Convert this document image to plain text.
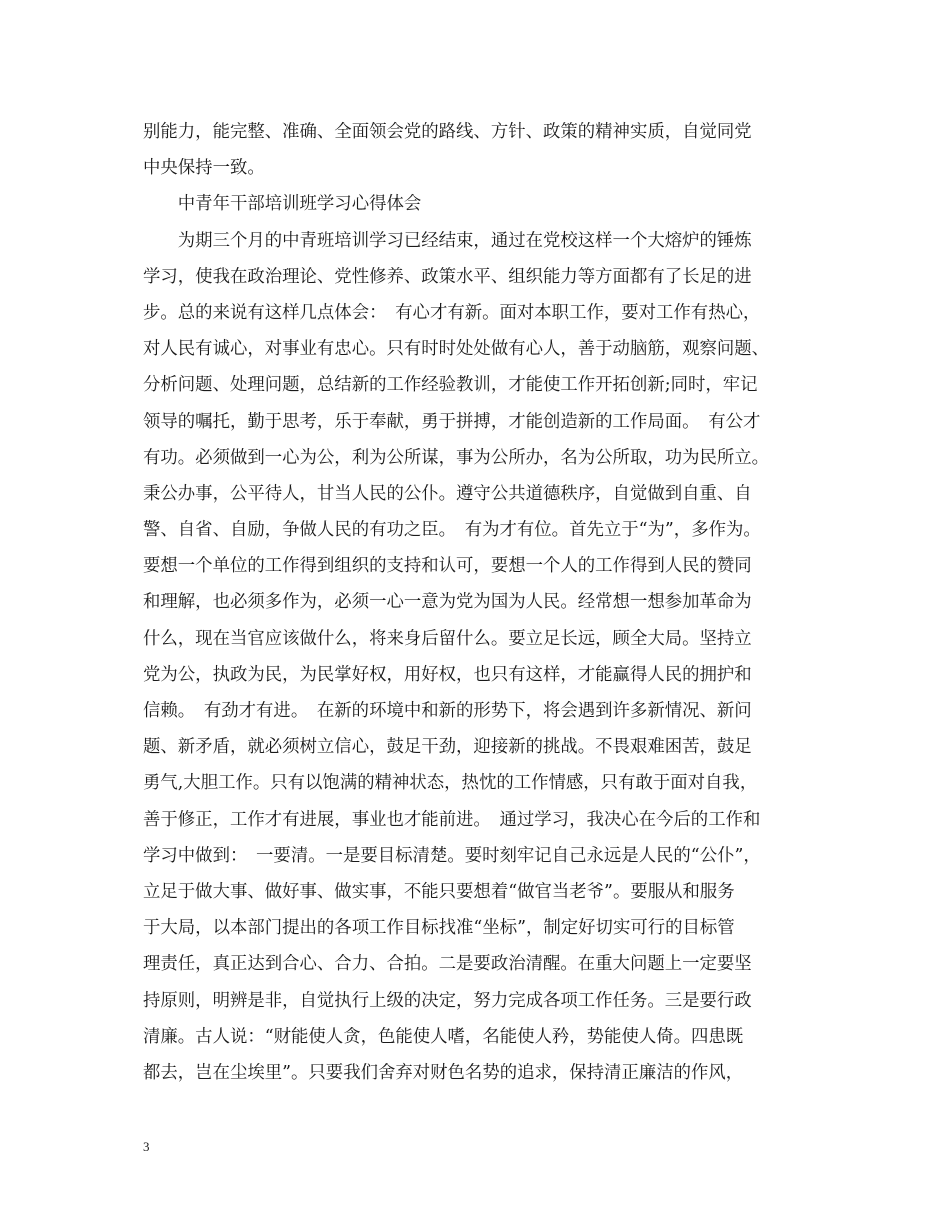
别能力，能完整、准确、全面领会党的路线、方针、政策的精神实质，自觉同党
中央保持一致。
　　中青年干部培训班学习心得体会
　　为期三个月的中青班培训学习已经结束，通过在党校这样一个大熔炉的锤炼
学习，使我在政治理论、党性修养、政策水平、组织能力等方面都有了长足的进
步。总的来说有这样几点体会：　有心才有新。面对本职工作，要对工作有热心，
对人民有诚心，对事业有忠心。只有时时处处做有心人，善于动脑筋，观察问题、
分析问题、处理问题，总结新的工作经验教训，才能使工作开拓创新;同时，牢记
领导的嘱托，勤于思考，乐于奉献，勇于拼搏，才能创造新的工作局面。　有公才
有功。必须做到一心为公，利为公所谋，事为公所办，名为公所取，功为民所立。
秉公办事，公平待人，甘当人民的公仆。遵守公共道德秩序，自觉做到自重、自
警、自省、自励，争做人民的有功之臣。　有为才有位。首先立于“为”，多作为。
要想一个单位的工作得到组织的支持和认可，要想一个人的工作得到人民的赞同
和理解，也必须多作为，必须一心一意为党为国为人民。经常想一想参加革命为
什么，现在当官应该做什么，将来身后留什么。要立足长远，顾全大局。坚持立
党为公，执政为民，为民掌好权，用好权，也只有这样，才能赢得人民的拥护和
信赖。　有劲才有进。　在新的环境中和新的形势下，将会遇到许多新情况、新问
题、新矛盾，就必须树立信心，鼓足干劲，迎接新的挑战。不畏艰难困苦，鼓足
勇气,大胆工作。只有以饱满的精神状态，热忱的工作情感，只有敢于面对自我，
善于修正，工作才有进展，事业也才能前进。　通过学习，我决心在今后的工作和
学习中做到：　一要清。一是要目标清楚。要时刻牢记自己永远是人民的“公仆”，
立足于做大事、做好事、做实事，不能只要想着“做官当老爷”。要服从和服务
于大局，以本部门提出的各项工作目标找准“坐标”，制定好切实可行的目标管
理责任，真正达到合心、合力、合拍。二是要政治清醒。在重大问题上一定要坚
持原则，明辨是非，自觉执行上级的决定，努力完成各项工作任务。三是要行政
清廉。古人说：“财能使人贪，色能使人嗜，名能使人矜，势能使人倚。四患既
都去，岂在尘埃里”。只要我们舍弃对财色名势的追求，保持清正廉洁的作风，
3
